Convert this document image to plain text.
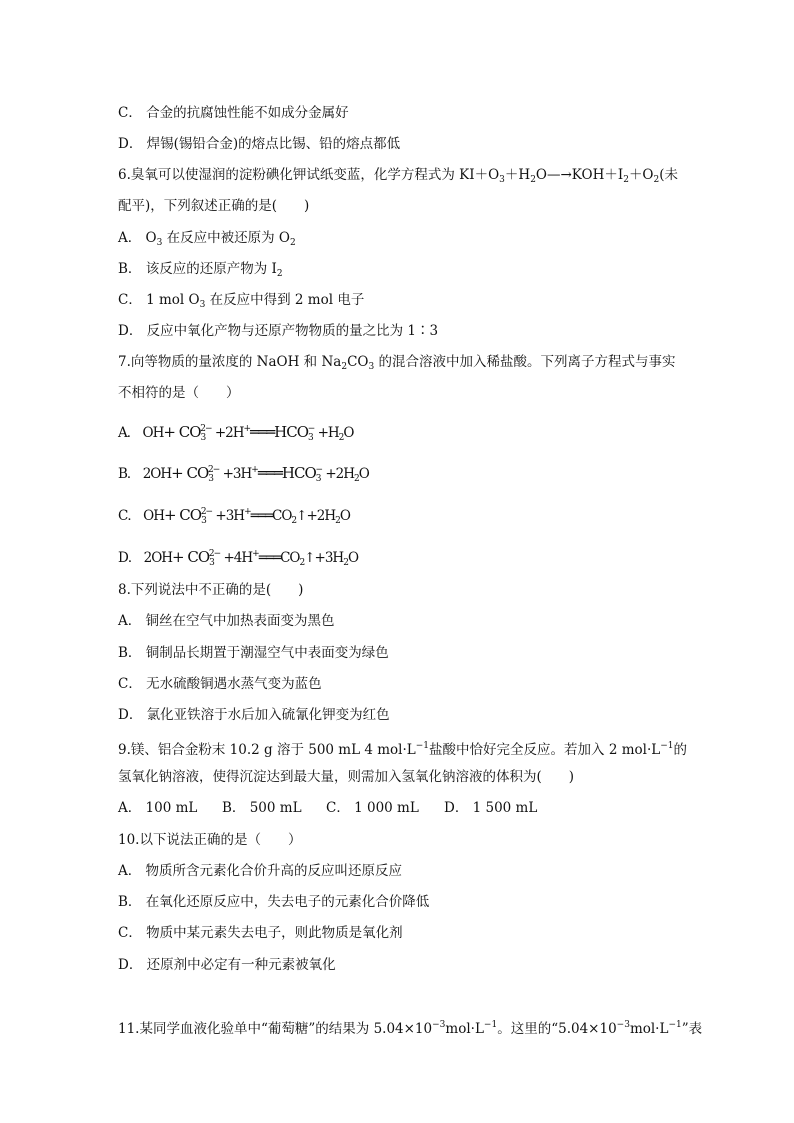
C． 合金的抗腐蚀性能不如成分金属好
D． 焊锡(锡铅合金)的熔点比锡、铅的熔点都低
6.臭氧可以使湿润的淀粉碘化钾试纸变蓝，化学方程式为 $KI+O_3+H_2O—\to KOH+I_2+O_2$(未
配平)，下列叙述正确的是(　　)
A． $O_3$ 在反应中被还原为 $O_2$
B． 该反应的还原产物为 $I_2$
C． 1 mol $O_3$ 在反应中得到 2 mol 电子
D． 反应中氧化产物与还原产物物质的量之比为 1∶3
7.向等物质的量浓度的 NaOH 和 $Na_2CO_3$ 的混合溶液中加入稀盐酸。下列离子方程式与事实
不相符的是（　　）
A． $OH+ CO_3^{2-}$ $+2H^+═══HCO_3^- +H_2O$
B． $2OH+ CO_3^{2-}$ $+3H^+═══HCO_3^- +2H_2O$
C． $OH+ CO_3^{2-}$ $+3H^+═══CO_2↑+2H_2O$
D． $2OH+ CO_3^{2-}$ $+4H^+═══CO_2↑+3H_2O$
8.下列说法中不正确的是(　　)
A． 铜丝在空气中加热表面变为黑色
B． 铜制品长期置于潮湿空气中表面变为绿色
C． 无水硫酸铜遇水蒸气变为蓝色
D． 氯化亚铁溶于水后加入硫氰化钾变为红色
9.镁、铝合金粉末 10.2 g 溶于 500 mL 4 $mol\cdot L^{-1}$盐酸中恰好完全反应。若加入 2 $mol\cdot L^{-1}$的
氢氧化钠溶液，使得沉淀达到最大量，则需加入氢氧化钠溶液的体积为(　　)
A． 100 mL B． 500 mL C． 1 000 mL D． 1 500 mL
10.以下说法正确的是（　　）
A． 物质所含元素化合价升高的反应叫还原反应
B． 在氧化还原反应中，失去电子的元素化合价降低
C． 物质中某元素失去电子，则此物质是氧化剂
D． 还原剂中必定有一种元素被氧化
11.某同学血液化验单中“葡萄糖”的结果为 $5.04\times 10^{-3}mol\cdot L^{-1}$。这里的“$5.04\times 10^{-3}mol\cdot L^{-1}$”表
